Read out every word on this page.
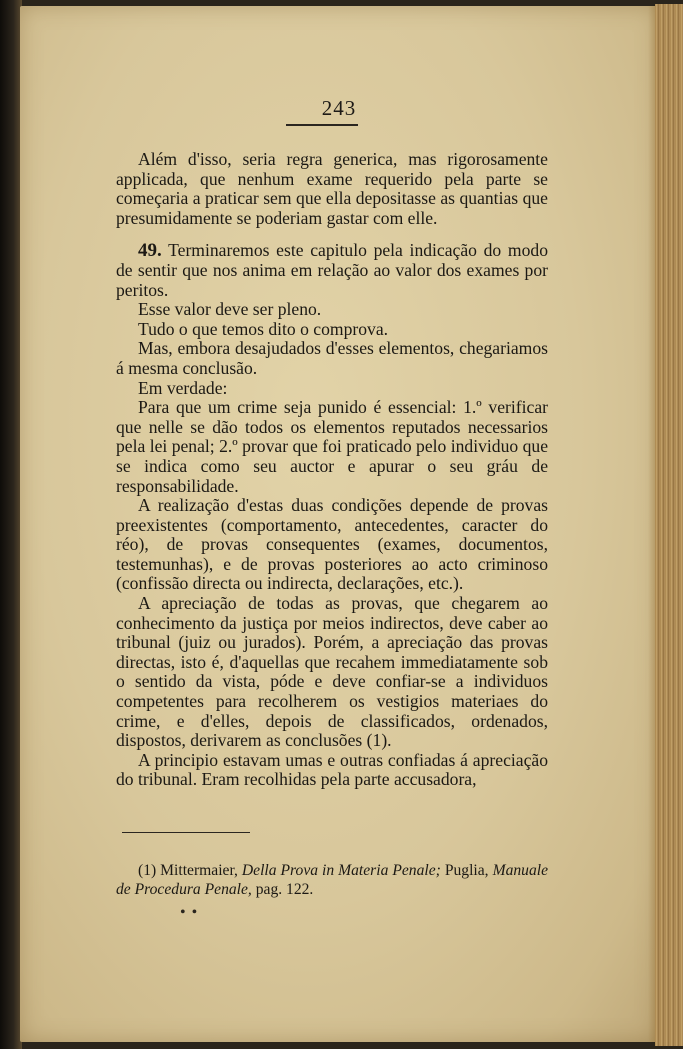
243

Além d'isso, seria regra generica, mas rigorosamente applicada, que nenhum exame requerido pela parte se começaria a praticar sem que ella depositasse as quantias que presumidamente se poderiam gastar com elle.

49. Terminaremos este capitulo pela indicação do modo de sentir que nos anima em relação ao valor dos exames por peritos.

Esse valor deve ser pleno.

Tudo o que temos dito o comprova.

Mas, embora desajudados d'esses elementos, chegariamos á mesma conclusão.

Em verdade:

Para que um crime seja punido é essencial: 1.º verificar que nelle se dão todos os elementos reputados necessarios pela lei penal; 2.º provar que foi praticado pelo individuo que se indica como seu auctor e apurar o seu gráu de responsabilidade.

A realização d'estas duas condições depende de provas preexistentes (comportamento, antecedentes, caracter do réo), de provas consequentes (exames, documentos, testemunhas), e de provas posteriores ao acto criminoso (confissão directa ou indirecta, declarações, etc.).

A apreciação de todas as provas, que chegarem ao conhecimento da justiça por meios indirectos, deve caber ao tribunal (juiz ou jurados). Porém, a apreciação das provas directas, isto é, d'aquellas que recahem immediatamente sob o sentido da vista, póde e deve confiar-se a individuos competentes para recolherem os vestigios materiaes do crime, e d'elles, depois de classificados, ordenados, dispostos, derivarem as conclusões (1).

A principio estavam umas e outras confiadas á apreciação do tribunal. Eram recolhidas pela parte accusadora,

(1) Mittermaier, Della Prova in Materia Penale; Puglia, Manuale de Procedura Penale, pag. 122.

• •
